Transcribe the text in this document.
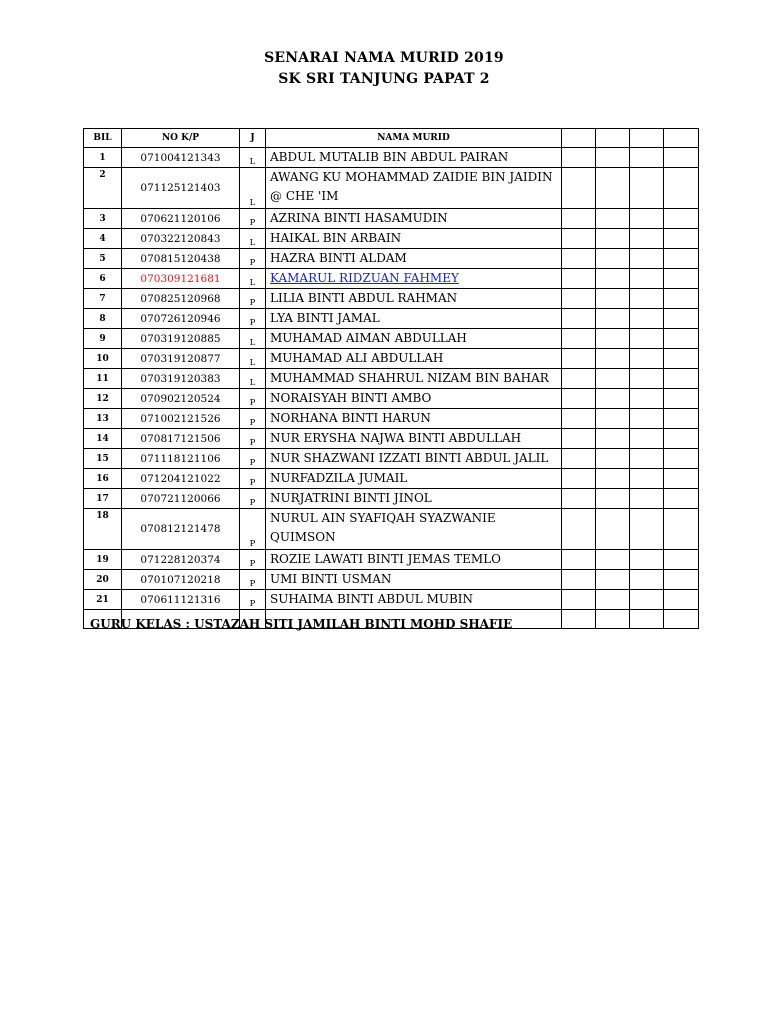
SENARAI NAMA MURID 2019
SK SRI TANJUNG PAPAT 2
BIL	NO K/P	J	NAMA MURID				
1	071004121343	L	ABDUL MUTALIB BIN ABDUL PAIRAN				
2	071125121403	L	AWANG KU MOHAMMAD ZAIDIE BIN JAIDIN @ CHE 'IM				
3	070621120106	P	AZRINA BINTI HASAMUDIN				
4	070322120843	L	HAIKAL BIN ARBAIN				
5	070815120438	P	HAZRA BINTI ALDAM				
6	070309121681	L	KAMARUL RIDZUAN FAHMEY				
7	070825120968	P	LILIA BINTI ABDUL RAHMAN				
8	070726120946	P	LYA BINTI JAMAL				
9	070319120885	L	MUHAMAD AIMAN ABDULLAH				
10	070319120877	L	MUHAMAD ALI ABDULLAH				
11	070319120383	L	MUHAMMAD SHAHRUL NIZAM BIN BAHAR				
12	070902120524	P	NORAISYAH BINTI AMBO				
13	071002121526	P	NORHANA BINTI HARUN				
14	070817121506	P	NUR ERYSHA NAJWA BINTI ABDULLAH				
15	071118121106	P	NUR SHAZWANI IZZATI BINTI ABDUL JALIL				
16	071204121022	P	NURFADZILA JUMAIL				
17	070721120066	P	NURJATRINI BINTI JINOL				
18	070812121478	P	NURUL AIN SYAFIQAH SYAZWANIE QUIMSON				
19	071228120374	P	ROZIE LAWATI BINTI JEMAS TEMLO				
20	070107120218	P	UMI BINTI USMAN				
21	070611121316	P	SUHAIMA BINTI ABDUL MUBIN				

GURU KELAS : USTAZAH SITI JAMILAH BINTI MOHD SHAFIE
